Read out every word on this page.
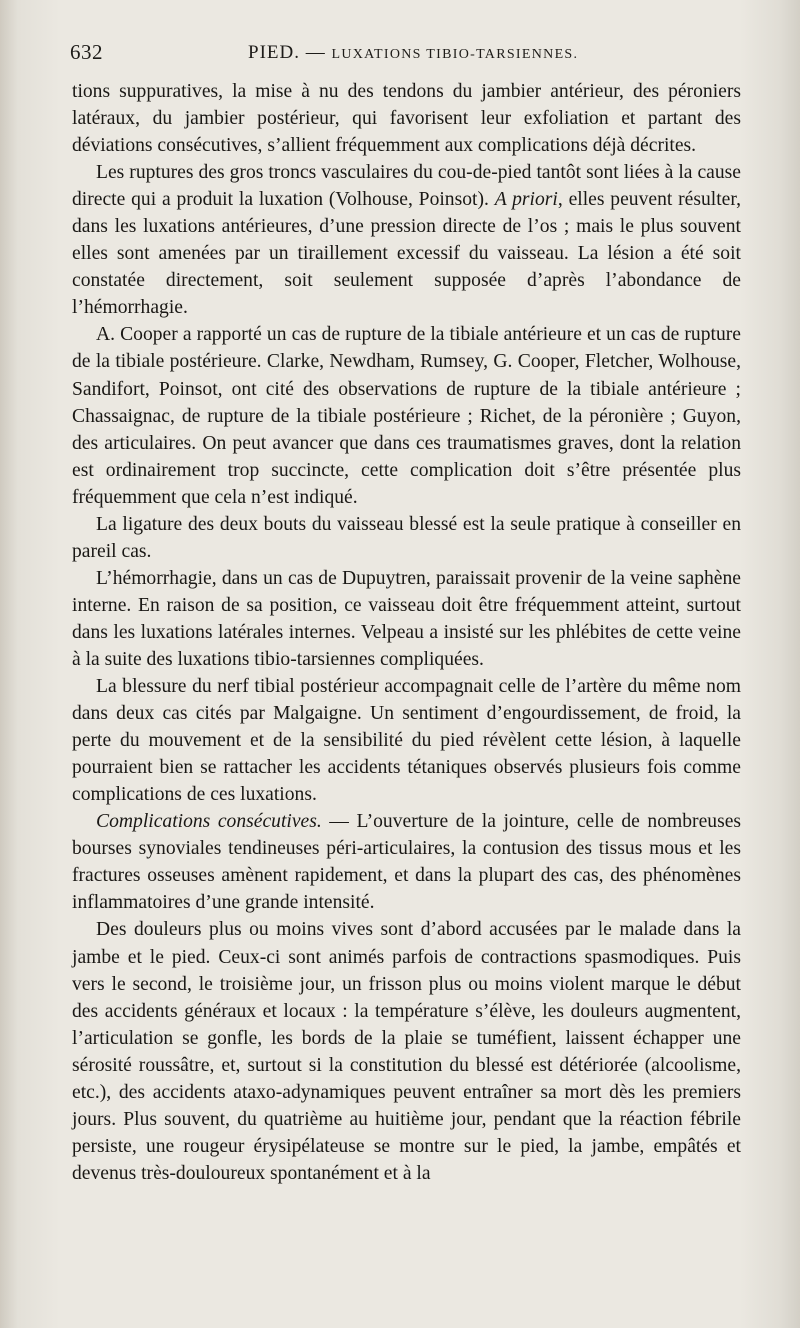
632	PIED. — LUXATIONS TIBIO-TARSIENNES.

tions suppuratives, la mise à nu des tendons du jambier antérieur, des péroniers latéraux, du jambier postérieur, qui favorisent leur exfoliation et partant des déviations consécutives, s’allient fréquemment aux complications déjà décrites.

Les ruptures des gros troncs vasculaires du cou-de-pied tantôt sont liées à la cause directe qui a produit la luxation (Volhouse, Poinsot). A priori, elles peuvent résulter, dans les luxations antérieures, d’une pression directe de l’os ; mais le plus souvent elles sont amenées par un tiraillement excessif du vaisseau. La lésion a été soit constatée directement, soit seulement supposée d’après l’abondance de l’hémorrhagie.

A. Cooper a rapporté un cas de rupture de la tibiale antérieure et un cas de rupture de la tibiale postérieure. Clarke, Newdham, Rumsey, G. Cooper, Fletcher, Wolhouse, Sandifort, Poinsot, ont cité des observations de rupture de la tibiale antérieure ; Chassaignac, de rupture de la tibiale postérieure ; Richet, de la péronière ; Guyon, des articulaires. On peut avancer que dans ces traumatismes graves, dont la relation est ordinairement trop succincte, cette complication doit s’être présentée plus fréquemment que cela n’est indiqué.

La ligature des deux bouts du vaisseau blessé est la seule pratique à conseiller en pareil cas.

L’hémorrhagie, dans un cas de Dupuytren, paraissait provenir de la veine saphène interne. En raison de sa position, ce vaisseau doit être fréquemment atteint, surtout dans les luxations latérales internes. Velpeau a insisté sur les phlébites de cette veine à la suite des luxations tibio-tarsiennes compliquées.

La blessure du nerf tibial postérieur accompagnait celle de l’artère du même nom dans deux cas cités par Malgaigne. Un sentiment d’engourdissement, de froid, la perte du mouvement et de la sensibilité du pied révèlent cette lésion, à laquelle pourraient bien se rattacher les accidents tétaniques observés plusieurs fois comme complications de ces luxations.

Complications consécutives. — L’ouverture de la jointure, celle de nombreuses bourses synoviales tendineuses péri-articulaires, la contusion des tissus mous et les fractures osseuses amènent rapidement, et dans la plupart des cas, des phénomènes inflammatoires d’une grande intensité.

Des douleurs plus ou moins vives sont d’abord accusées par le malade dans la jambe et le pied. Ceux-ci sont animés parfois de contractions spasmodiques. Puis vers le second, le troisième jour, un frisson plus ou moins violent marque le début des accidents généraux et locaux : la température s’élève, les douleurs augmentent, l’articulation se gonfle, les bords de la plaie se tuméfient, laissent échapper une sérosité roussâtre, et, surtout si la constitution du blessé est détériorée (alcoolisme, etc.), des accidents ataxo-adynamiques peuvent entraîner sa mort dès les premiers jours. Plus souvent, du quatrième au huitième jour, pendant que la réaction fébrile persiste, une rougeur érysipélateuse se montre sur le pied, la jambe, empâtés et devenus très-douloureux spontanément et à la
